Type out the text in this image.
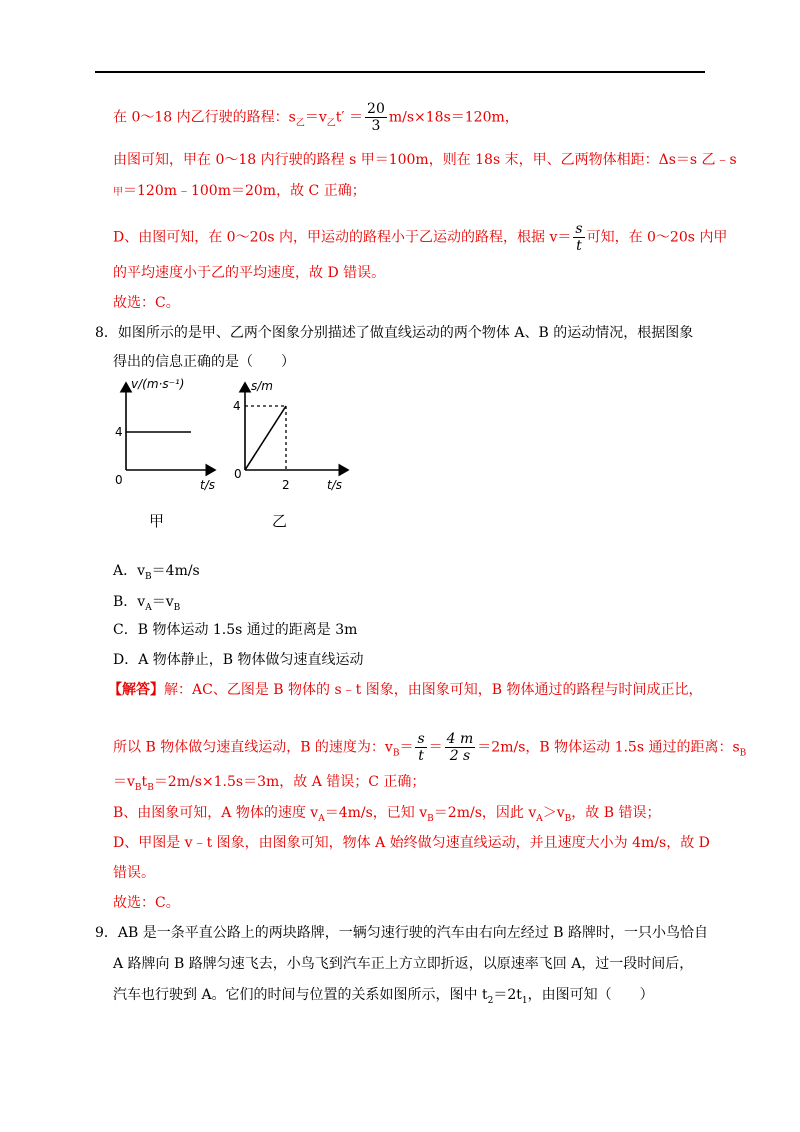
在 0～18 内乙行驶的路程：$s_乙=v_乙t' = \frac{20}{3} m/s\times 18s=120m$，
由图可知，甲在 0～18 内行驶的路程 s 甲＝100m，则在 18s 末，甲、乙两物体相距：Δs＝s 乙﹣s
甲＝120m﹣100m＝20m，故 C 正确；
D、由图可知，在 0～20s 内，甲运动的路程小于乙运动的路程，根据 $v= \frac{s}{t}$ 可知，在 0～20s 内甲
的平均速度小于乙的平均速度，故 D 错误。
故选：C。
8．如图所示的是甲、乙两个图象分别描述了做直线运动的两个物体 A、B 的运动情况，根据图象
得出的信息正确的是（　　）
v/(m·s⁻¹)
4
0	t/s
甲
s/m
4
0
2	t/s
乙
A．$v_B=4m/s$
B．$v_A=v_B$
C．B 物体运动 1.5s 通过的距离是 3m
D．A 物体静止，B 物体做匀速直线运动
【解答】解：AC、乙图是 B 物体的 s﹣t 图象，由图象可知，B 物体通过的路程与时间成正比，
所以 B 物体做匀速直线运动，B 的速度为：$v_B= \frac{s}{t} = \frac{4 m}{2 s} =2m/s$，B 物体运动 1.5s 通过的距离：$s_B$
$=v_Bt_B=2m/s\times 1.5s=3m$，故 A 错误；C 正确；
B、由图象可知，A 物体的速度 $v_A=4m/s$，已知 $v_B=2m/s$，因此 $v_A>v_B$，故 B 错误；
D、甲图是 v﹣t 图象，由图象可知，物体 A 始终做匀速直线运动，并且速度大小为 4m/s，故 D
错误。
故选：C。
9．AB 是一条平直公路上的两块路牌，一辆匀速行驶的汽车由右向左经过 B 路牌时，一只小鸟恰自
A 路牌向 B 路牌匀速飞去，小鸟飞到汽车正上方立即折返，以原速率飞回 A，过一段时间后，
汽车也行驶到 A。它们的时间与位置的关系如图所示，图中 $t_2=2t_1$，由图可知（　　）
